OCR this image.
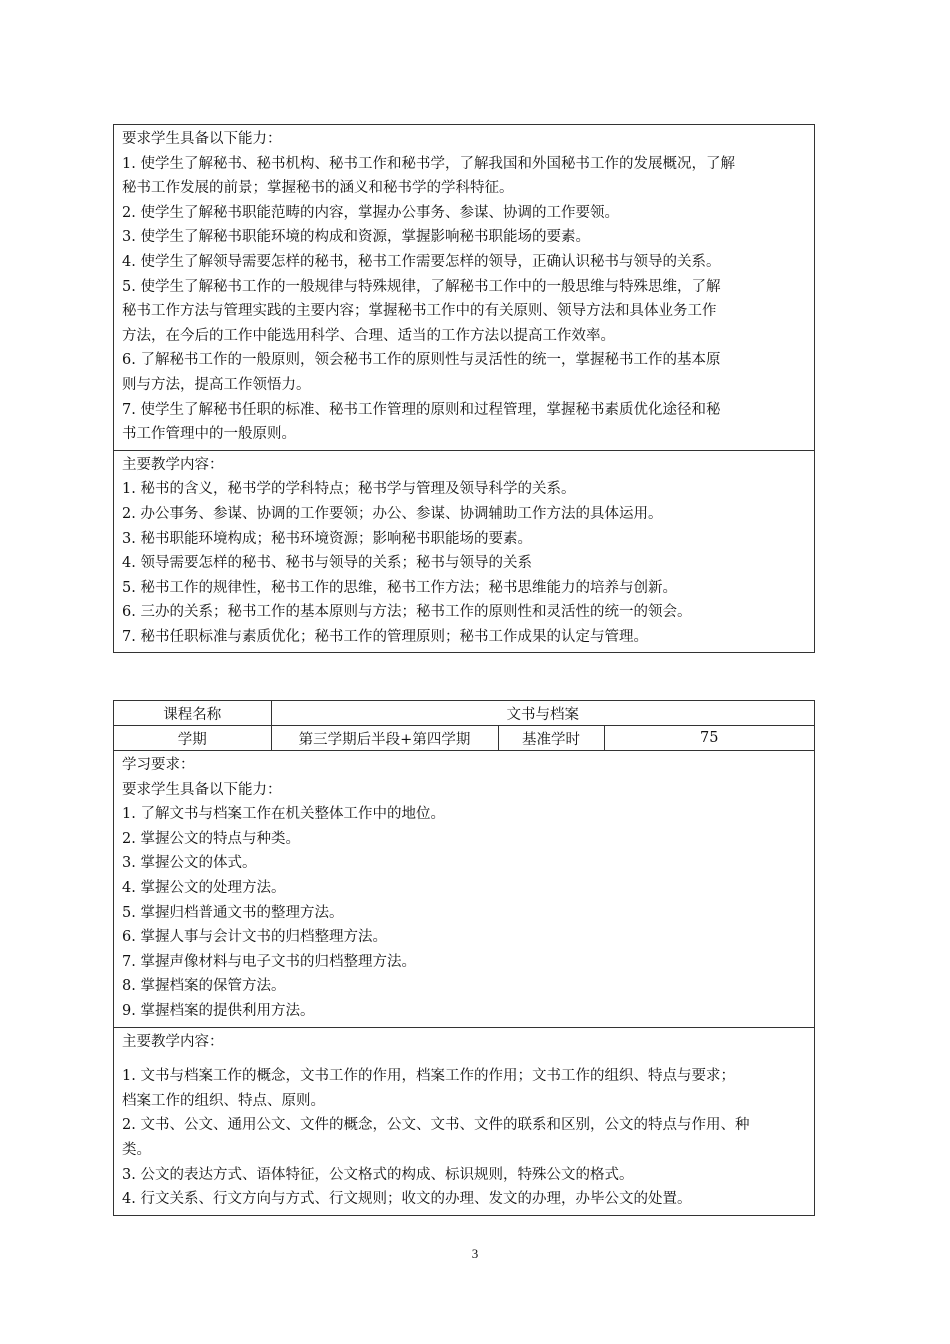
要求学生具备以下能力：
1. 使学生了解秘书、秘书机构、秘书工作和秘书学，了解我国和外国秘书工作的发展概况，了解
秘书工作发展的前景；掌握秘书的涵义和秘书学的学科特征。
2. 使学生了解秘书职能范畴的内容，掌握办公事务、参谋、协调的工作要领。
3. 使学生了解秘书职能环境的构成和资源，掌握影响秘书职能场的要素。
4. 使学生了解领导需要怎样的秘书，秘书工作需要怎样的领导，正确认识秘书与领导的关系。
5. 使学生了解秘书工作的一般规律与特殊规律，了解秘书工作中的一般思维与特殊思维，了解
秘书工作方法与管理实践的主要内容；掌握秘书工作中的有关原则、领导方法和具体业务工作
方法，在今后的工作中能选用科学、合理、适当的工作方法以提高工作效率。
6. 了解秘书工作的一般原则，领会秘书工作的原则性与灵活性的统一，掌握秘书工作的基本原
则与方法，提高工作领悟力。
7. 使学生了解秘书任职的标准、秘书工作管理的原则和过程管理，掌握秘书素质优化途径和秘
书工作管理中的一般原则。
主要教学内容：
1. 秘书的含义，秘书学的学科特点；秘书学与管理及领导科学的关系。
2. 办公事务、参谋、协调的工作要领；办公、参谋、协调辅助工作方法的具体运用。
3. 秘书职能环境构成；秘书环境资源；影响秘书职能场的要素。
4. 领导需要怎样的秘书、秘书与领导的关系；秘书与领导的关系
5. 秘书工作的规律性，秘书工作的思维，秘书工作方法；秘书思维能力的培养与创新。
6. 三办的关系；秘书工作的基本原则与方法；秘书工作的原则性和灵活性的统一的领会。
7. 秘书任职标准与素质优化；秘书工作的管理原则；秘书工作成果的认定与管理。
课程名称	文书与档案		
学期	第三学期后半段+第四学期	基准学时	75
学习要求：
要求学生具备以下能力：
1. 了解文书与档案工作在机关整体工作中的地位。
2. 掌握公文的特点与种类。
3. 掌握公文的体式。
4. 掌握公文的处理方法。
5. 掌握归档普通文书的整理方法。
6. 掌握人事与会计文书的归档整理方法。
7. 掌握声像材料与电子文书的归档整理方法。
8. 掌握档案的保管方法。
9. 掌握档案的提供利用方法。
主要教学内容：
1. 文书与档案工作的概念，文书工作的作用，档案工作的作用；文书工作的组织、特点与要求；
档案工作的组织、特点、原则。
2. 文书、公文、通用公文、文件的概念，公文、文书、文件的联系和区别，公文的特点与作用、种
类。
3. 公文的表达方式、语体特征，公文格式的构成、标识规则，特殊公文的格式。
4. 行文关系、行文方向与方式、行文规则；收文的办理、发文的办理，办毕公文的处置。
3
